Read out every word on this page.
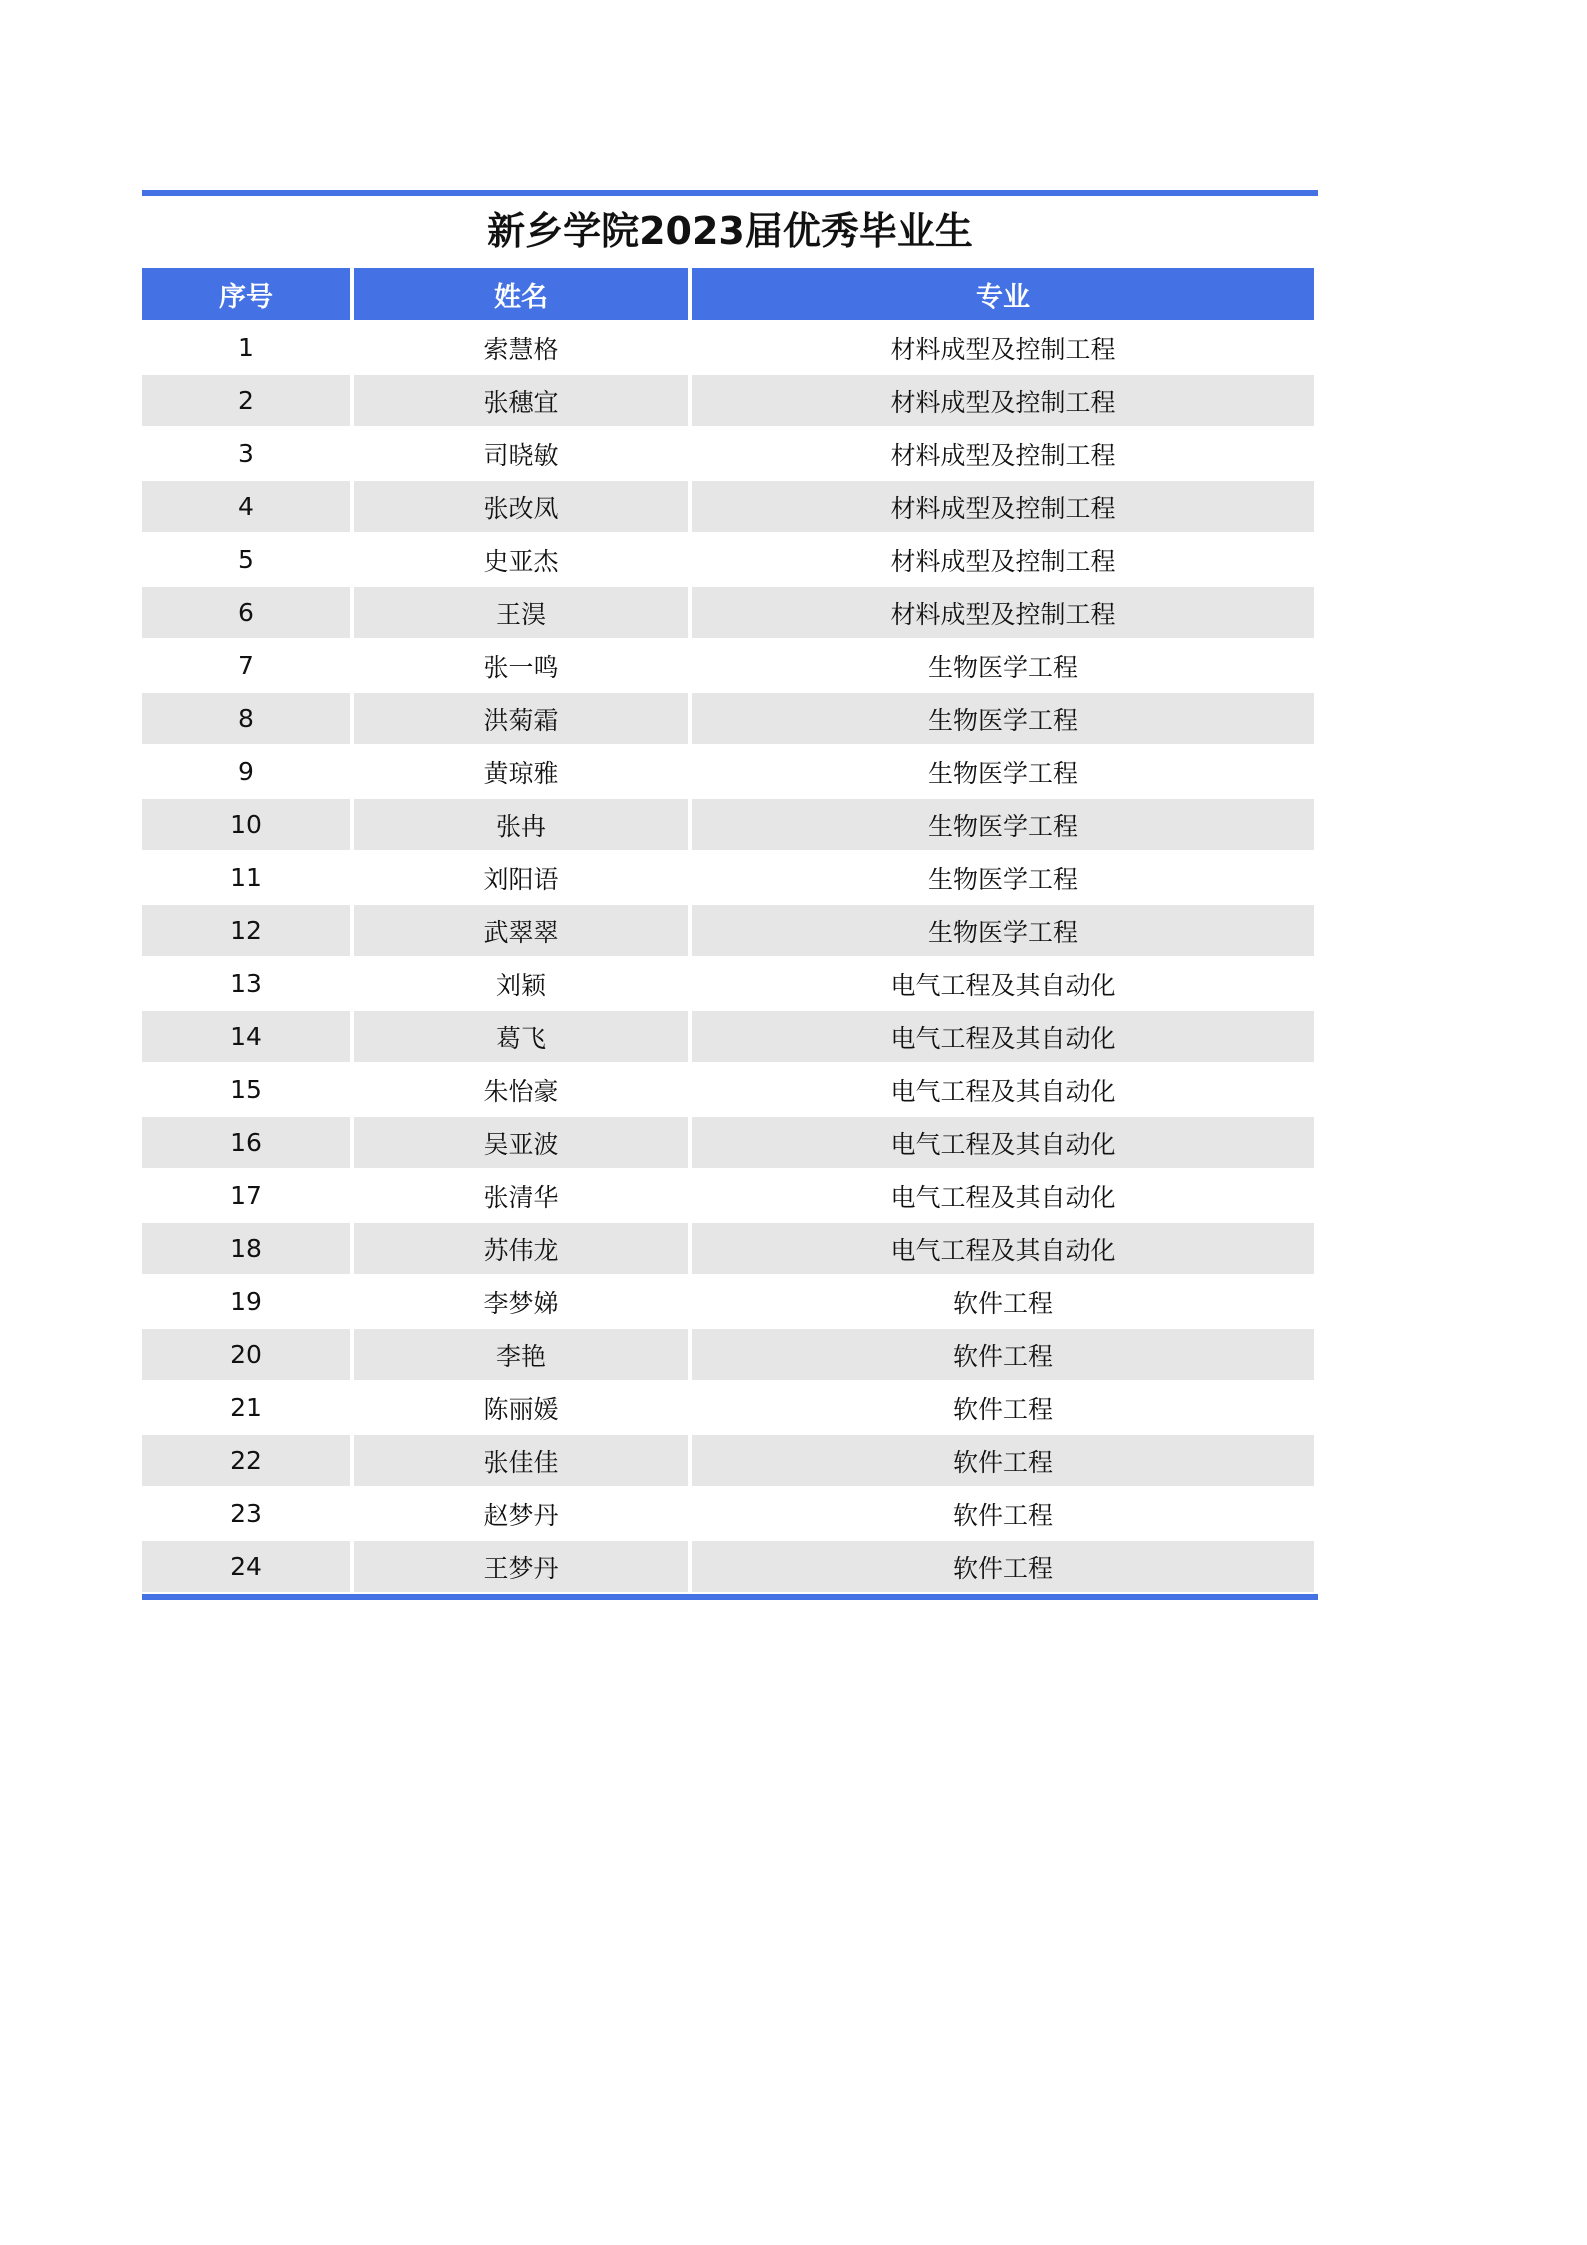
新乡学院2023届优秀毕业生
序号	姓名	专业
1	索慧格	材料成型及控制工程
2	张穗宜	材料成型及控制工程
3	司晓敏	材料成型及控制工程
4	张改凤	材料成型及控制工程
5	史亚杰	材料成型及控制工程
6	王淏	材料成型及控制工程
7	张一鸣	生物医学工程
8	洪菊霜	生物医学工程
9	黄琼雅	生物医学工程
10	张冉	生物医学工程
11	刘阳语	生物医学工程
12	武翠翠	生物医学工程
13	刘颖	电气工程及其自动化
14	葛飞	电气工程及其自动化
15	朱怡豪	电气工程及其自动化
16	吴亚波	电气工程及其自动化
17	张清华	电气工程及其自动化
18	苏伟龙	电气工程及其自动化
19	李梦娣	软件工程
20	李艳	软件工程
21	陈丽媛	软件工程
22	张佳佳	软件工程
23	赵梦丹	软件工程
24	王梦丹	软件工程
